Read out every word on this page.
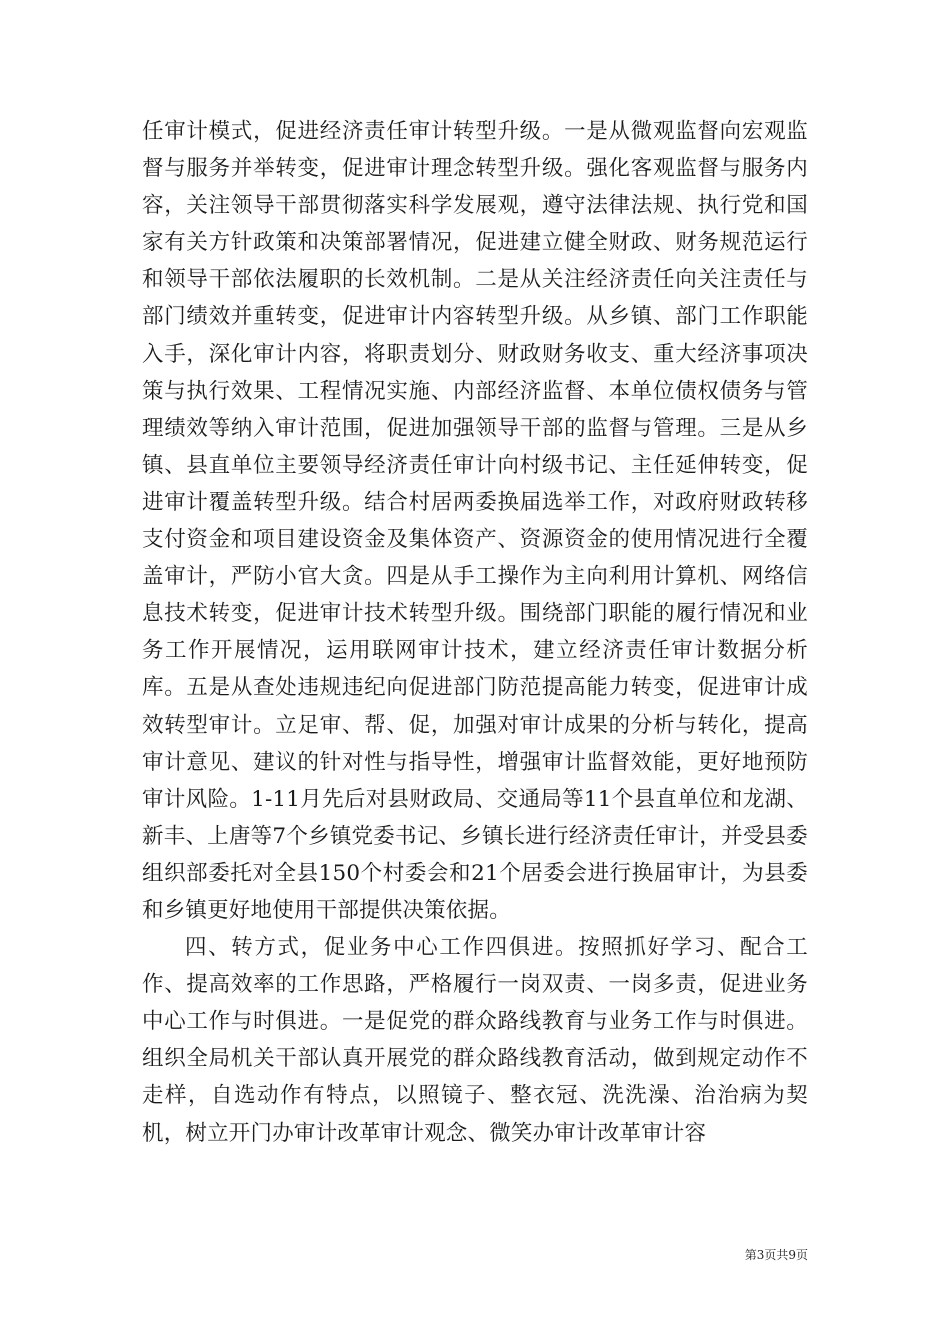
任审计模式，促进经济责任审计转型升级。一是从微观监督向宏观监督与服务并举转变，促进审计理念转型升级。强化客观监督与服务内容，关注领导干部贯彻落实科学发展观，遵守法律法规、执行党和国家有关方针政策和决策部署情况，促进建立健全财政、财务规范运行和领导干部依法履职的长效机制。二是从关注经济责任向关注责任与部门绩效并重转变，促进审计内容转型升级。从乡镇、部门工作职能入手，深化审计内容，将职责划分、财政财务收支、重大经济事项决策与执行效果、工程情况实施、内部经济监督、本单位债权债务与管理绩效等纳入审计范围，促进加强领导干部的监督与管理。三是从乡镇、县直单位主要领导经济责任审计向村级书记、主任延伸转变，促进审计覆盖转型升级。结合村居两委换届选举工作，对政府财政转移支付资金和项目建设资金及集体资产、资源资金的使用情况进行全覆盖审计，严防小官大贪。四是从手工操作为主向利用计算机、网络信息技术转变，促进审计技术转型升级。围绕部门职能的履行情况和业务工作开展情况，运用联网审计技术，建立经济责任审计数据分析库。五是从查处违规违纪向促进部门防范提高能力转变，促进审计成效转型审计。立足审、帮、促，加强对审计成果的分析与转化，提高审计意见、建议的针对性与指导性，增强审计监督效能，更好地预防审计风险。1-11月先后对县财政局、交通局等11个县直单位和龙湖、新丰、上唐等7个乡镇党委书记、乡镇长进行经济责任审计，并受县委组织部委托对全县150个村委会和21个居委会进行换届审计，为县委和乡镇更好地使用干部提供决策依据。

四、转方式，促业务中心工作四俱进。按照抓好学习、配合工作、提高效率的工作思路，严格履行一岗双责、一岗多责，促进业务中心工作与时俱进。一是促党的群众路线教育与业务工作与时俱进。组织全局机关干部认真开展党的群众路线教育活动，做到规定动作不走样，自选动作有特点，以照镜子、整衣冠、洗洗澡、治治病为契机，树立开门办审计改革审计观念、微笑办审计改革审计容

第3页共9页
